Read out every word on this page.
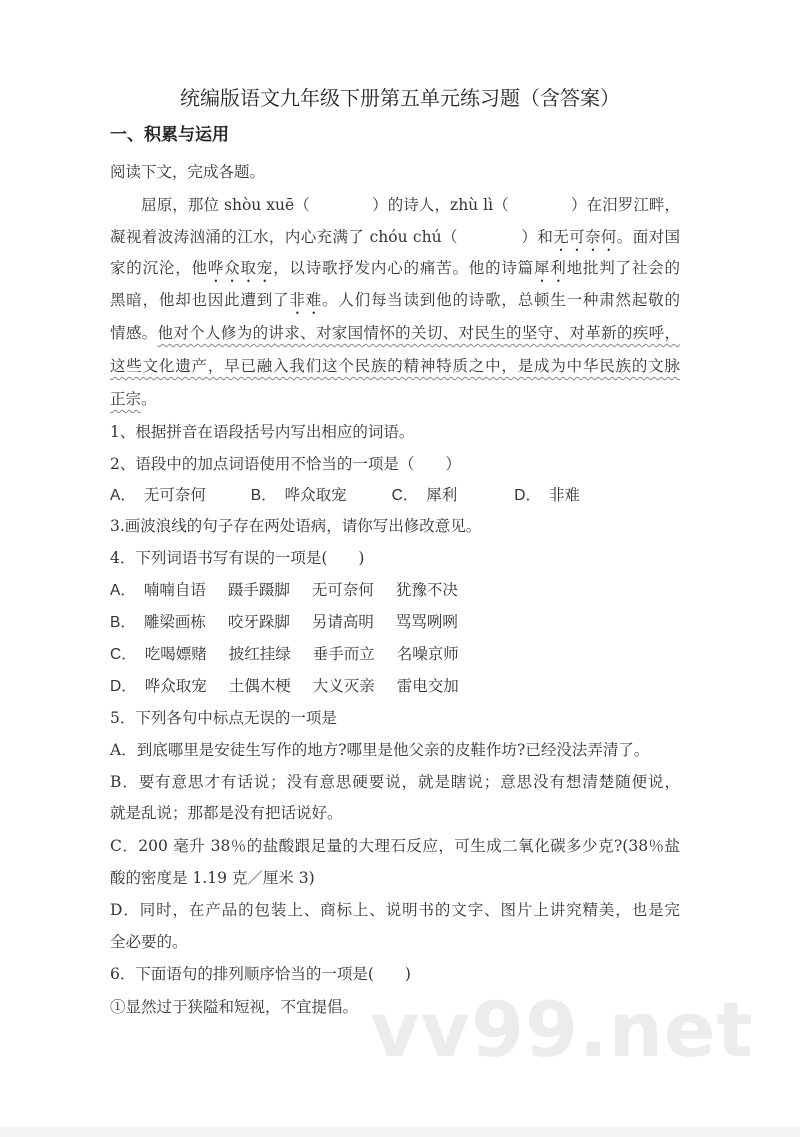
统编版语文九年级下册第五单元练习题（含答案）
一、积累与运用
阅读下文，完成各题。
　　屈原，那位 shòu xuē（　　　　）的诗人，zhù lì（　　　　）在汨罗江畔，
凝视着波涛汹涌的江水，内心充满了 chóu chú（　　　　）和无可奈何。面对国
家的沉沦，他哗众取宠，以诗歌抒发内心的痛苦。他的诗篇犀利地批判了社会的
黑暗，他却也因此遭到了非难。人们每当读到他的诗歌，总顿生一种肃然起敬的
情感。他对个人修为的讲求、对家国情怀的关切、对民生的坚守、对革新的疾呼，
这些文化遗产，早已融入我们这个民族的精神特质之中，是成为中华民族的文脉
正宗。
1、根据拼音在语段括号内写出相应的词语。
2、语段中的加点词语使用不恰当的一项是（　　）
A． 无可奈何	B． 哗众取宠	C． 犀利	D． 非难
3.画波浪线的句子存在两处语病，请你写出修改意见。
4．下列词语书写有误的一项是(　　)
A． 喃喃自语 蹑手蹑脚 无可奈何 犹豫不决
B． 雕梁画栋 咬牙跺脚 另请高明 骂骂咧咧
C． 吃喝嫖赌 披红挂绿 垂手而立 名噪京师
D． 哗众取宠 土偶木梗 大义灭亲 雷电交加
5．下列各句中标点无误的一项是
A．到底哪里是安徒生写作的地方?哪里是他父亲的皮鞋作坊?已经没法弄清了。
B．要有意思才有话说；没有意思硬要说，就是瞎说；意思没有想清楚随便说，
就是乱说；那都是没有把话说好。
C．200 毫升 38％的盐酸跟足量的大理石反应，可生成二氧化碳多少克?(38％盐
酸的密度是 1.19 克／厘米 3)
D．同时，在产品的包装上、商标上、说明书的文字、图片上讲究精美，也是完
全必要的。
6．下面语句的排列顺序恰当的一项是(　　)
①显然过于狭隘和短视，不宜提倡。 vv99.net
